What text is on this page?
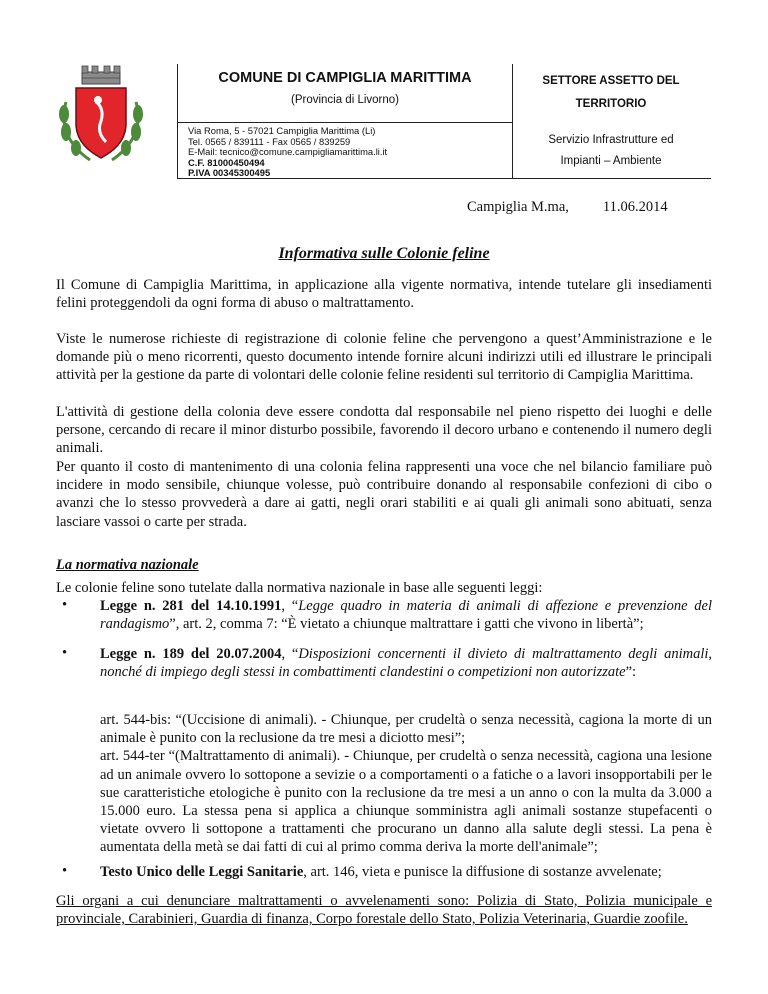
COMUNE DI CAMPIGLIA MARITTIMA
(Provincia di Livorno)
Via Roma, 5 - 57021 Campiglia Marittima (Li)
Tel. 0565 / 839111 - Fax 0565 / 839259
E-Mail: tecnico@comune.campigliamarittima.li.it
C.F. 81000450494
P.IVA 00345300495
SETTORE ASSETTO DEL
TERRITORIO
Servizio Infrastrutture ed
Impianti – Ambiente
Campiglia M.ma, 11.06.2014
Informativa sulle Colonie feline

Il Comune di Campiglia Marittima, in applicazione alla vigente normativa, intende tutelare gli insediamenti felini proteggendoli da ogni forma di abuso o maltrattamento.

Viste le numerose richieste di registrazione di colonie feline che pervengono a quest’Amministrazione e le domande più o meno ricorrenti, questo documento intende fornire alcuni indirizzi utili ed illustrare le principali attività per la gestione da parte di volontari delle colonie feline residenti sul territorio di Campiglia Marittima.

L'attività di gestione della colonia deve essere condotta dal responsabile nel pieno rispetto dei luoghi e delle persone, cercando di recare il minor disturbo possibile, favorendo il decoro urbano e contenendo il numero degli animali.

Per quanto il costo di mantenimento di una colonia felina rappresenti una voce che nel bilancio familiare può incidere in modo sensibile, chiunque volesse, può contribuire donando al responsabile confezioni di cibo o avanzi che lo stesso provvederà a dare ai gatti, negli orari stabiliti e ai quali gli animali sono abituati, senza lasciare vassoi o carte per strada.

La normativa nazionale
Le colonie feline sono tutelate dalla normativa nazionale in base alle seguenti leggi:
• Legge n. 281 del 14.10.1991, “Legge quadro in materia di animali di affezione e prevenzione del randagismo”, art. 2, comma 7: “È vietato a chiunque maltrattare i gatti che vivono in libertà”;

• Legge n. 189 del 20.07.2004, “Disposizioni concernenti il divieto di maltrattamento degli animali, nonché di impiego degli stessi in combattimenti clandestini o competizioni non autorizzate”:

art. 544-bis: “(Uccisione di animali). - Chiunque, per crudeltà o senza necessità, cagiona la morte di un animale è punito con la reclusione da tre mesi a diciotto mesi”;
art. 544-ter “(Maltrattamento di animali). - Chiunque, per crudeltà o senza necessità, cagiona una lesione ad un animale ovvero lo sottopone a sevizie o a comportamenti o a fatiche o a lavori insopportabili per le sue caratteristiche etologiche è punito con la reclusione da tre mesi a un anno o con la multa da 3.000 a 15.000 euro. La stessa pena si applica a chiunque somministra agli animali sostanze stupefacenti o vietate ovvero li sottopone a trattamenti che procurano un danno alla salute degli stessi. La pena è aumentata della metà se dai fatti di cui al primo comma deriva la morte dell'animale”;
• Testo Unico delle Leggi Sanitarie, art. 146, vieta e punisce la diffusione di sostanze avvelenate;

Gli organi a cui denunciare maltrattamenti o avvelenamenti sono: Polizia di Stato, Polizia municipale e provinciale, Carabinieri, Guardia di finanza, Corpo forestale dello Stato, Polizia Veterinaria, Guardie zoofile.
